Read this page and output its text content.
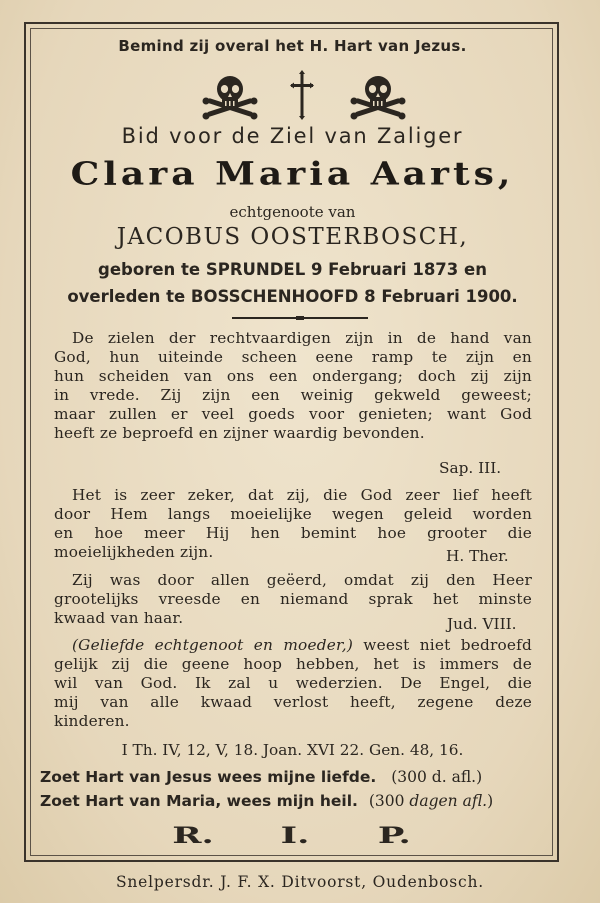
Bemind zij overal het H. Hart van Jezus.
Bid voor de Ziel van Zaliger
Clara Maria Aarts,
echtgenoote van
JACOBUS OOSTERBOSCH,
geboren te SPRUNDEL 9 Februari 1873 en
overleden te BOSSCHENHOOFD 8 Februari 1900.
De zielen der rechtvaardigen zijn in de hand van
God, hun uiteinde scheen eene ramp te zijn en
hun scheiden van ons een ondergang; doch zij zijn
in vrede. Zij zijn een weinig gekweld geweest;
maar zullen er veel goeds voor genieten; want God
heeft ze beproefd en zijner waardig bevonden.
Sap. III.
Het is zeer zeker, dat zij, die God zeer lief heeft
door Hem langs moeielijke wegen geleid worden
en hoe meer Hij hen bemint hoe grooter die
moeielijkheden zijn.	H. Ther.
Zij was door allen geëerd, omdat zij den Heer
grootelijks vreesde en niemand sprak het minste
kwaad van haar.	Jud. VIII.
(Geliefde echtgenoot en moeder,) weest niet bedroefd
gelijk zij die geene hoop hebben, het is immers de
wil van God. Ik zal u wederzien. De Engel, die
mij van alle kwaad verlost heeft, zegene deze
kinderen.
I Th. IV, 12, V, 18. Joan. XVI 22. Gen. 48, 16.
Zoet Hart van Jesus wees mijne liefde. (300 d. afl.)
Zoet Hart van Maria, wees mijn heil. (300 dagen afl.)
R.	I.	P.
Snelpersdr. J. F. X. Ditvoorst, Oudenbosch.
